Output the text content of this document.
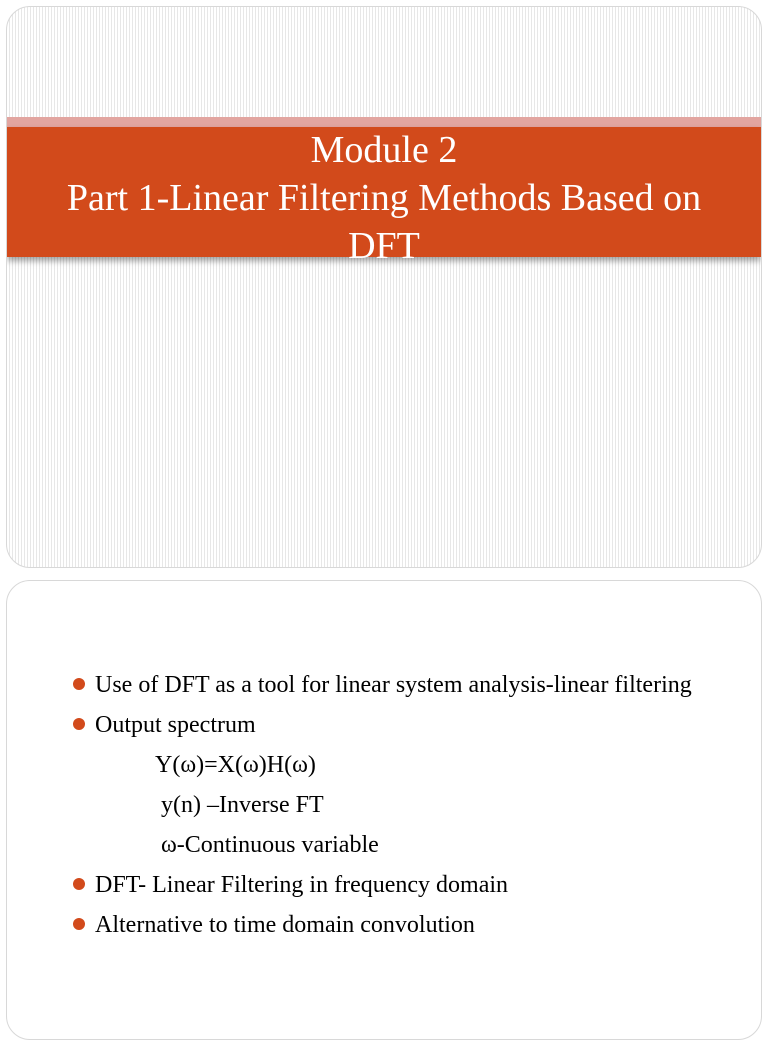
Module 2
Part 1-Linear Filtering Methods Based on
DFT
Use of DFT as a tool for linear system analysis-linear filtering
Output spectrum
Y(ω)=X(ω)H(ω)
y(n) –Inverse FT
ω-Continuous variable
DFT- Linear Filtering in frequency domain
Alternative to time domain convolution
